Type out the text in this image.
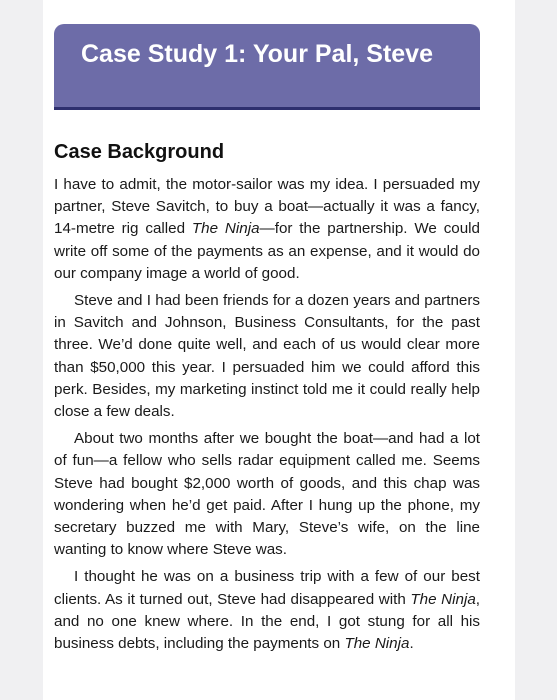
Case Study 1: Your Pal, Steve
Case Background

I have to admit, the motor-sailor was my idea. I persuaded my partner, Steve Savitch, to buy a boat—actually it was a fancy, 14-metre rig called The Ninja—for the partnership. We could write off some of the payments as an expense, and it would do our company image a world of good.

Steve and I had been friends for a dozen years and partners in Savitch and Johnson, Business Consultants, for the past three. We’d done quite well, and each of us would clear more than $50,000 this year. I persuaded him we could afford this perk. Besides, my marketing instinct told me it could really help close a few deals.

About two months after we bought the boat—and had a lot of fun—a fellow who sells radar equipment called me. Seems Steve had bought $2,000 worth of goods, and this chap was wondering when he’d get paid. After I hung up the phone, my secretary buzzed me with Mary, Steve’s wife, on the line wanting to know where Steve was.

I thought he was on a business trip with a few of our best clients. As it turned out, Steve had disappeared with The Ninja, and no one knew where. In the end, I got stung for all his business debts, including the payments on The Ninja.
